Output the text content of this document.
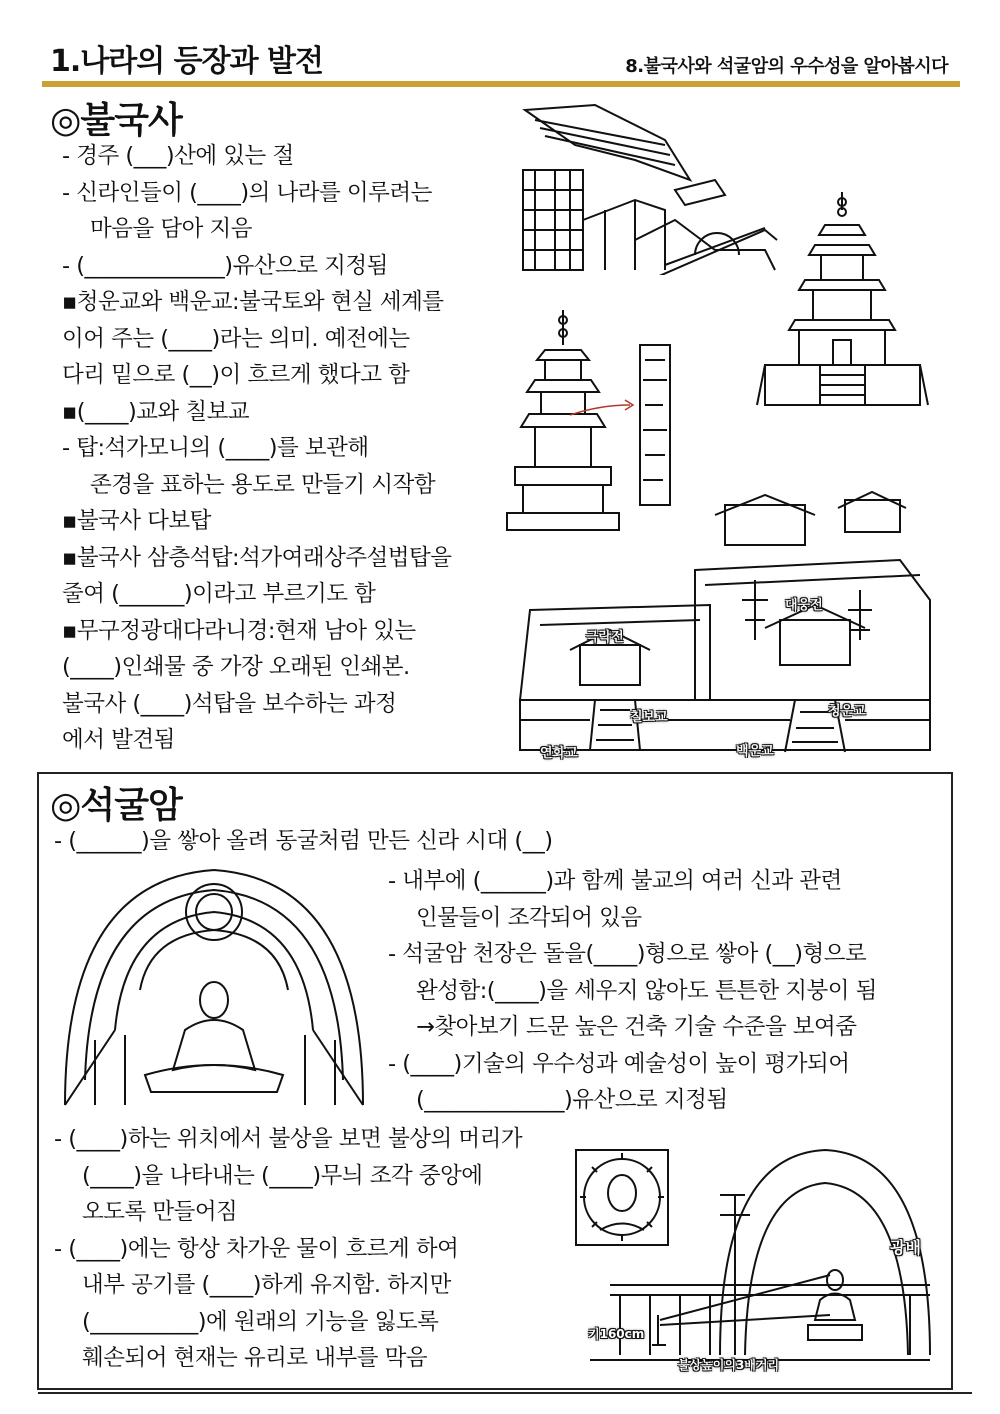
1.나라의 등장과 발전	8.불국사와 석굴암의 우수성을 알아봅시다
◎불국사
- 경주 (___)산에 있는 절
- 신라인들이 (____)의 나라를 이루려는
마음을 담아 지음
- (_____________)유산으로 지정됨
▪청운교와 백운교:불국토와 현실 세계를
이어 주는 (____)라는 의미. 예전에는
다리 밑으로 (__)이 흐르게 했다고 함
▪(____)교와 칠보교
- 탑:석가모니의 (____)를 보관해
존경을 표하는 용도로 만들기 시작함
▪불국사 다보탑
▪불국사 삼층석탑:석가여래상주설법탑을
줄여 (______)이라고 부르기도 함
▪무구정광대다라니경:현재 남아 있는
(____)인쇄물 중 가장 오래된 인쇄본.
불국사 (____)석탑을 보수하는 과정
에서 발견됨
대웅전
극락전
칠보교	청운교
연화교	백운교
◎석굴암
- (______)을 쌓아 올려 동굴처럼 만든 신라 시대 (__)
- 내부에 (______)과 함께 불교의 여러 신과 관련
인물들이 조각되어 있음
- 석굴암 천장은 돌을(____)형으로 쌓아 (__)형으로
완성함:(____)을 세우지 않아도 튼튼한 지붕이 됨
→찾아보기 드문 높은 건축 기술 수준을 보여줌
- (____)기술의 우수성과 예술성이 높이 평가되어
(_____________)유산으로 지정됨
- (____)하는 위치에서 불상을 보면 불상의 머리가
(____)을 나타내는 (____)무늬 조각 중앙에
오도록 만들어짐
- (____)에는 항상 차가운 물이 흐르게 하여
내부 공기를 (____)하게 유지함. 하지만
(__________)에 원래의 기능을 잃도록
훼손되어 현재는 유리로 내부를 막음
광배
키160cm
불상높이의3배거리
